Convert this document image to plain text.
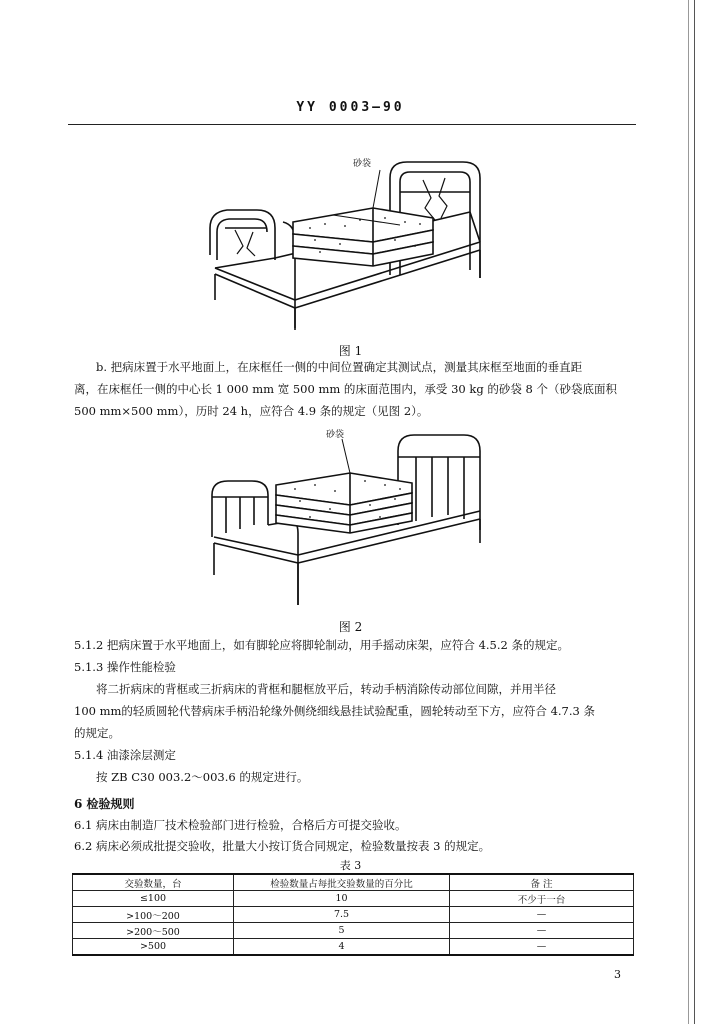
YY 0003—90
砂袋
图 1
b. 把病床置于水平地面上，在床框任一侧的中间位置确定其测试点，测量其床框至地面的垂直距
离，在床框任一侧的中心长 1 000 mm 宽 500 mm 的床面范围内，承受 30 kg 的砂袋 8 个（砂袋底面积
500 mm×500 mm），历时 24 h，应符合 4.9 条的规定（见图 2）。
砂袋
图 2
5.1.2 把病床置于水平地面上，如有脚轮应将脚轮制动，用手摇动床架，应符合 4.5.2 条的规定。
5.1.3 操作性能检验
将二折病床的背框或三折病床的背框和腿框放平后，转动手柄消除传动部位间隙，并用半径
100 mm的轻质圆轮代替病床手柄沿轮缘外侧绕细线悬挂试验配重，圆轮转动至下方，应符合 4.7.3 条
的规定。
5.1.4 油漆涂层测定
按 ZB C30 003.2～003.6 的规定进行。
6 检验规则
6.1 病床由制造厂技术检验部门进行检验，合格后方可提交验收。
6.2 病床必须成批提交验收，批量大小按订货合同规定，检验数量按表 3 的规定。
表 3
交验数量，台	检验数量占每批交验数量的百分比	备 注
≤100	10	不少于一台
>100～200	7.5	—
>200～500	5	—
>500	4	—
3
